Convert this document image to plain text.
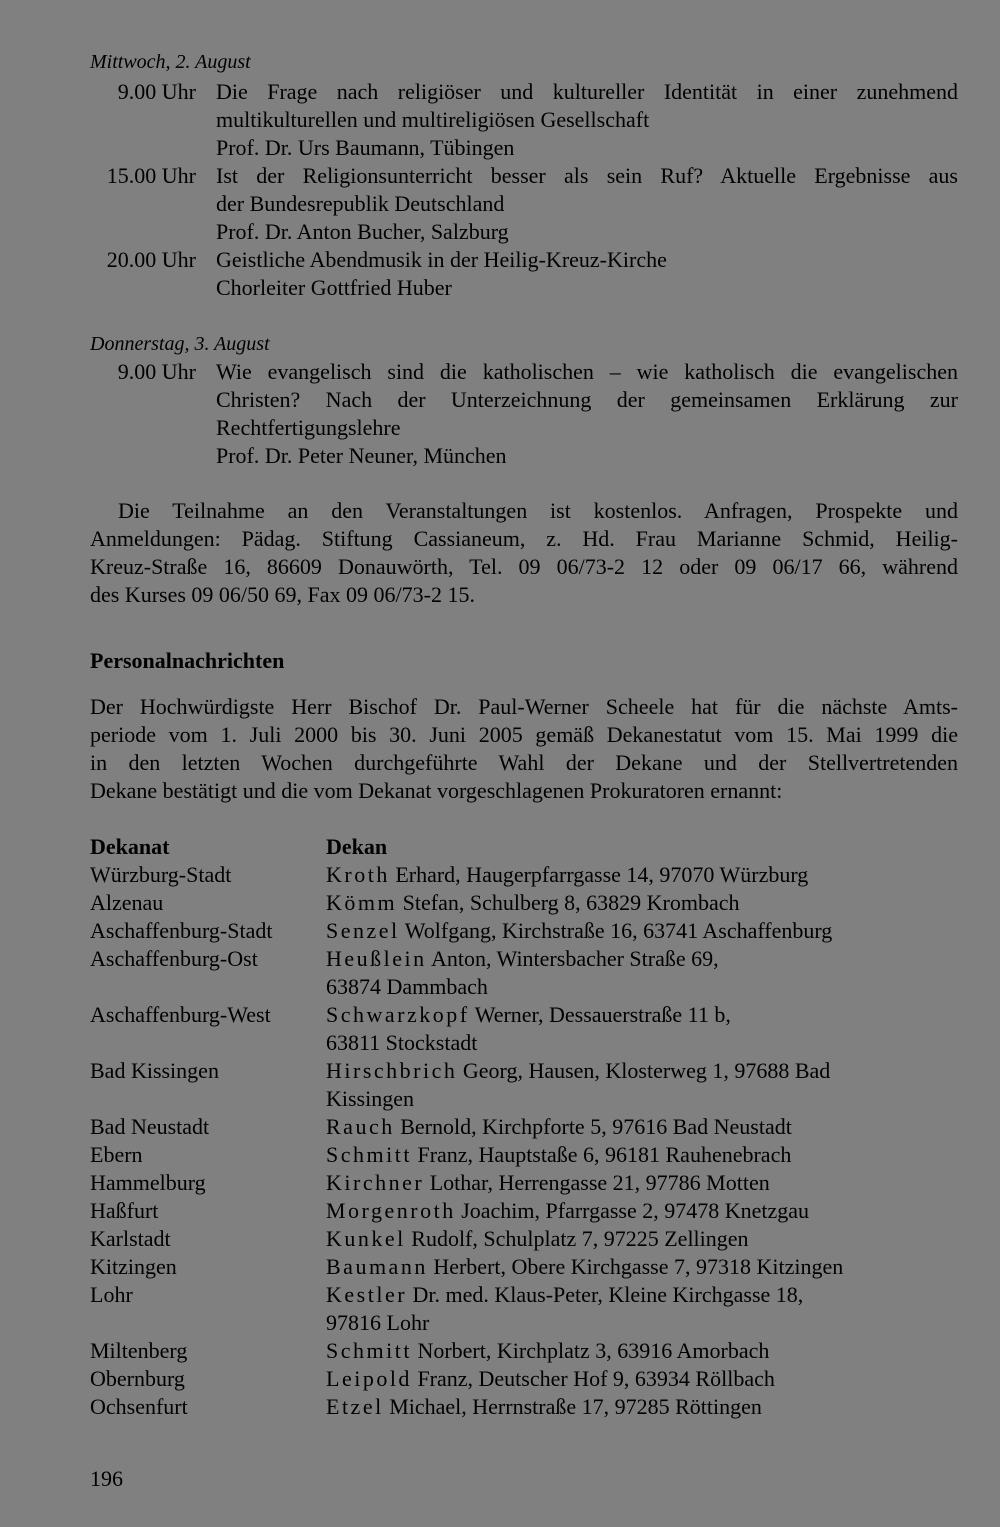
Mittwoch, 2. August
9.00 Uhr Die Frage nach religiöser und kultureller Identität in einer zunehmend
multikulturellen und multireligiösen Gesellschaft
Prof. Dr. Urs Baumann, Tübingen
15.00 Uhr Ist der Religionsunterricht besser als sein Ruf? Aktuelle Ergebnisse aus
der Bundesrepublik Deutschland
Prof. Dr. Anton Bucher, Salzburg
20.00 Uhr Geistliche Abendmusik in der Heilig-Kreuz-Kirche
Chorleiter Gottfried Huber
Donnerstag, 3. August
9.00 Uhr Wie evangelisch sind die katholischen – wie katholisch die evangelischen
Christen? Nach der Unterzeichnung der gemeinsamen Erklärung zur
Rechtfertigungslehre
Prof. Dr. Peter Neuner, München
Die Teilnahme an den Veranstaltungen ist kostenlos. Anfragen, Prospekte und
Anmeldungen: Pädag. Stiftung Cassianeum, z. Hd. Frau Marianne Schmid, Heilig-
Kreuz-Straße 16, 86609 Donauwörth, Tel. 09 06/73-2 12 oder 09 06/17 66, während
des Kurses 09 06/50 69, Fax 09 06/73-2 15.
Personalnachrichten
Der Hochwürdigste Herr Bischof Dr. Paul-Werner Scheele hat für die nächste Amts-
periode vom 1. Juli 2000 bis 30. Juni 2005 gemäß Dekanestatut vom 15. Mai 1999 die
in den letzten Wochen durchgeführte Wahl der Dekane und der Stellvertretenden
Dekane bestätigt und die vom Dekanat vorgeschlagenen Prokuratoren ernannt:
Dekanat	Dekan
Würzburg-Stadt	Kroth Erhard, Haugerpfarrgasse 14, 97070 Würzburg
Alzenau	Kömm Stefan, Schulberg 8, 63829 Krombach
Aschaffenburg-Stadt	Senzel Wolfgang, Kirchstraße 16, 63741 Aschaffenburg
Aschaffenburg-Ost	Heußlein Anton, Wintersbacher Straße 69,
63874 Dammbach
Aschaffenburg-West	Schwarzkopf Werner, Dessauerstraße 11 b,
63811 Stockstadt
Bad Kissingen	Hirschbrich Georg, Hausen, Klosterweg 1, 97688 Bad
Kissingen
Bad Neustadt	Rauch Bernold, Kirchpforte 5, 97616 Bad Neustadt
Ebern	Schmitt Franz, Hauptstaße 6, 96181 Rauhenebrach
Hammelburg	Kirchner Lothar, Herrengasse 21, 97786 Motten
Haßfurt	Morgenroth Joachim, Pfarrgasse 2, 97478 Knetzgau
Karlstadt	Kunkel Rudolf, Schulplatz 7, 97225 Zellingen
Kitzingen	Baumann Herbert, Obere Kirchgasse 7, 97318 Kitzingen
Lohr	Kestler Dr. med. Klaus-Peter, Kleine Kirchgasse 18,
97816 Lohr
Miltenberg	Schmitt Norbert, Kirchplatz 3, 63916 Amorbach
Obernburg	Leipold Franz, Deutscher Hof 9, 63934 Röllbach
Ochsenfurt	Etzel Michael, Herrnstraße 17, 97285 Röttingen
196
